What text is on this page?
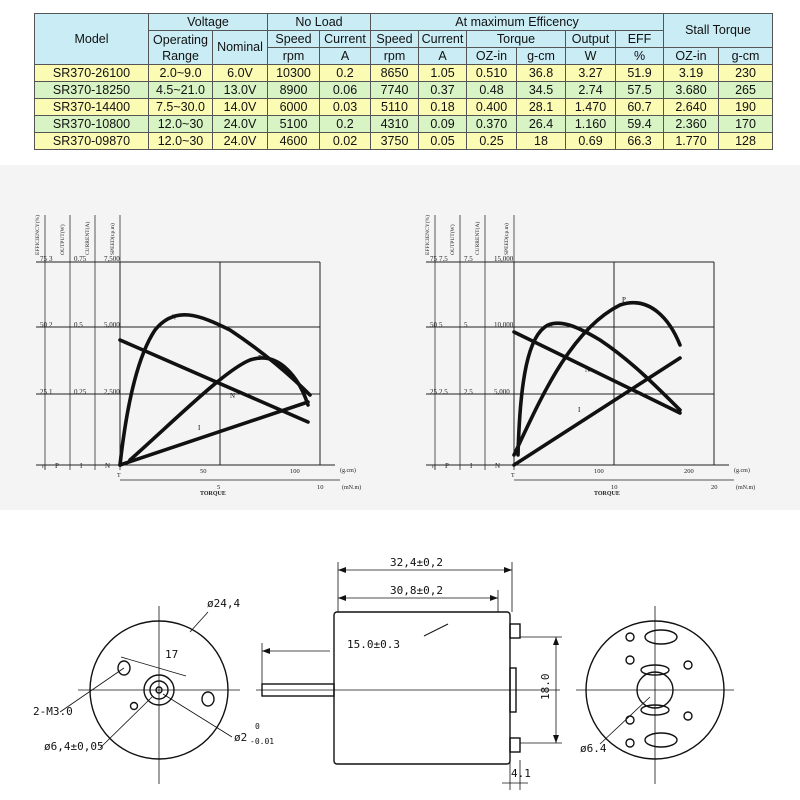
Model	Voltage		No Load		At maximum Efficency						Stall Torque	
	Operating Range	Nominal	Speed	Current	Speed	Current	Torque		Output	EFF		
			rpm	A	rpm	A	OZ-in	g-cm	W	%	OZ-in	g-cm
SR370-26100	2.0~9.0	6.0V	10300	0.2	8650	1.05	0.510	36.8	3.27	51.9	3.19	230
SR370-18250	4.5~21.0	13.0V	8900	0.06	7740	0.37	0.48	34.5	2.74	57.5	3.680	265
SR370-14400	7.5~30.0	14.0V	6000	0.03	5110	0.18	0.400	28.1	1.470	60.7	2.640	190
SR370-10800	12.0~30	24.0V	5100	0.2	4310	0.09	0.370	26.4	1.160	59.4	2.360	170
SR370-09870	12.0~30	24.0V	4600	0.02	3750	0.05	0.25	18	0.69	66.3	1.770	128
EFFICIENCY(%)	OUTPUT(W)	CURRENT(A)	SPEED(r.p.m)
75 3	0.75	7,500
50 2	0.5	5,000
25 1	0.25	2,500
η P	I	N
T
50	100	(g.cm)
5	10	(mN.m)
TORQUE
η
P
N
I
EFFICIENCY(%)	OUTPUT(W)	CURRENT(A)	SPEED(r.p.m)
75 7.5 7.5	15,000
50 5	5	10,000
25 2.5 2.5	5,000
η P	I	N
T
100	200	(g.cm)
10	20	(mN.m)
TORQUE
η
P
N
I
ø24,4
17
2-M3.0
ø6,4±0,05
ø2
0
-0.01
32,4±0,2
30,8±0,2
15.0±0.3
18.0
4.1
ø6.4
